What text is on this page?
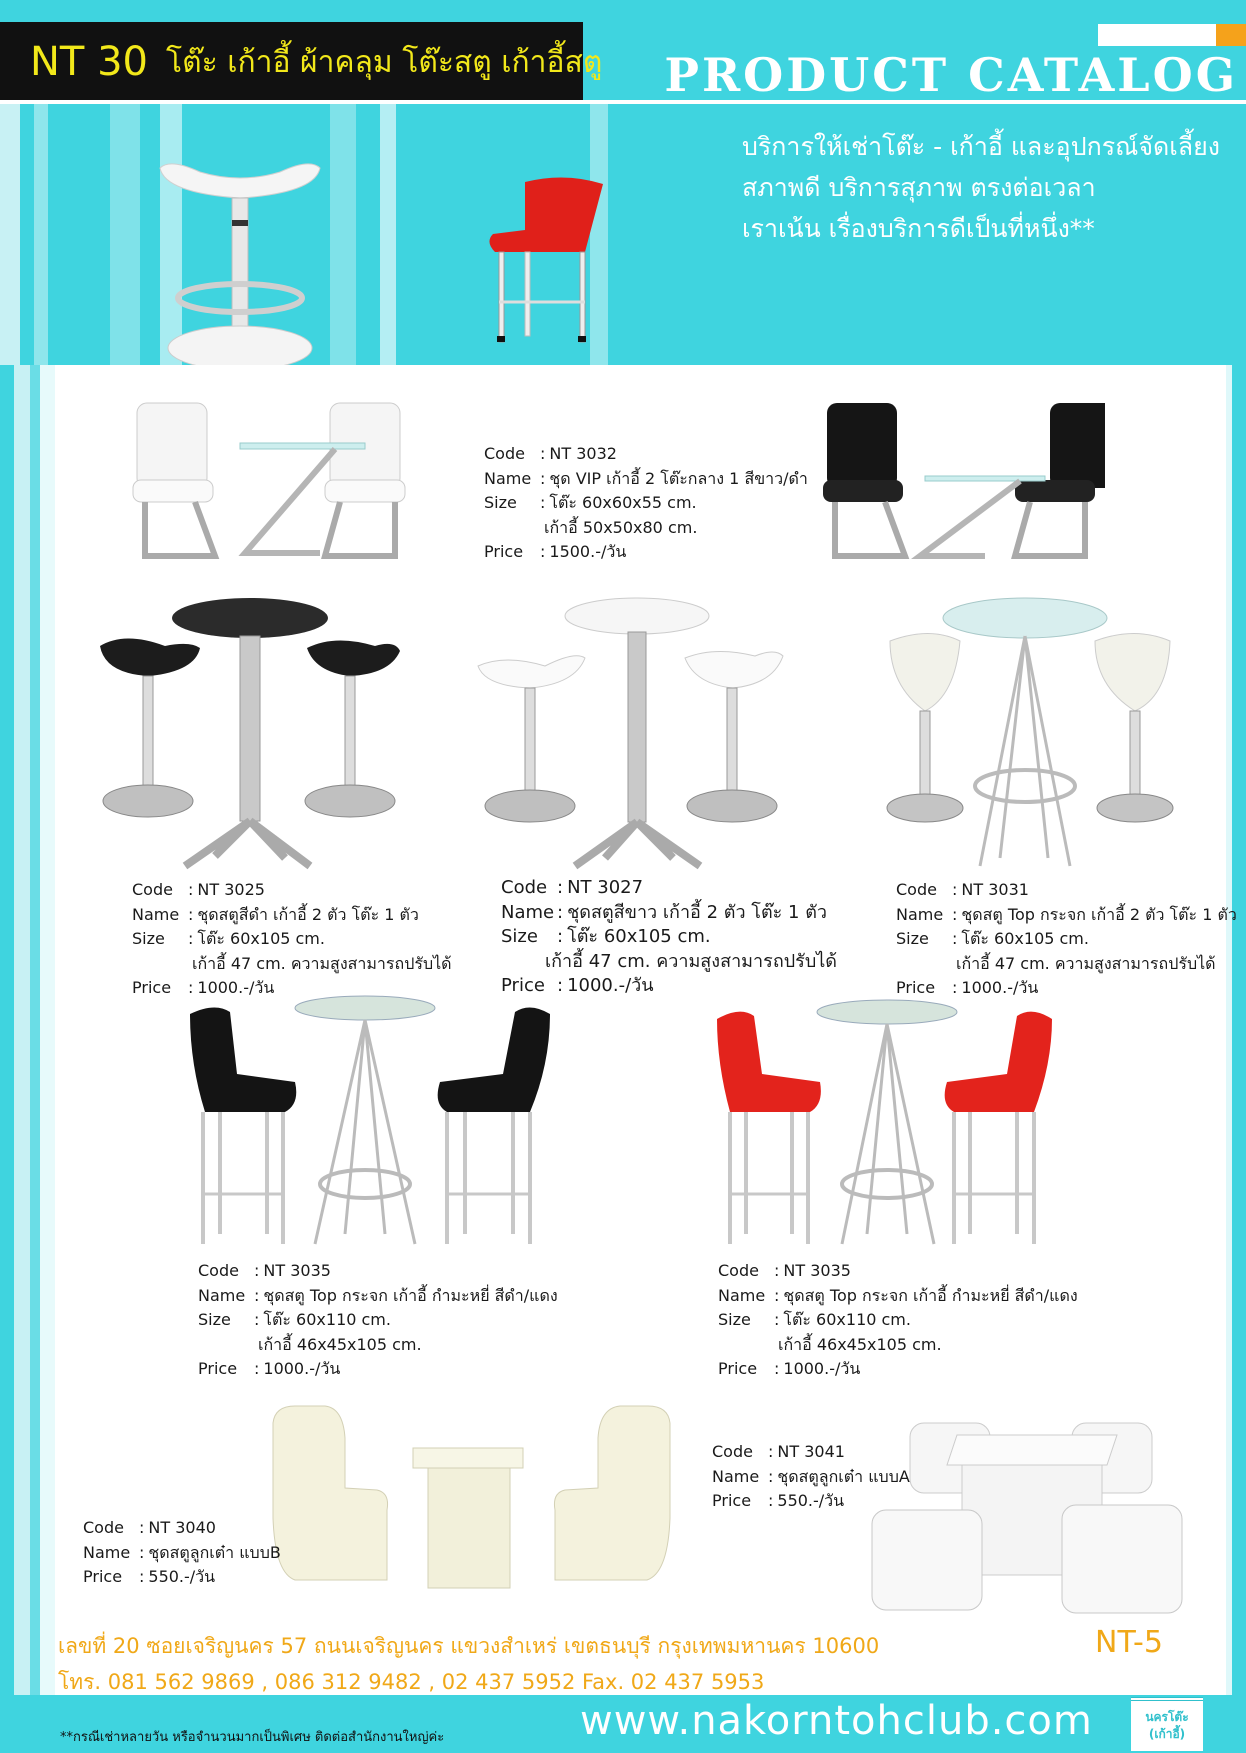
NT 30 โต๊ะ เก้าอี้ ผ้าคลุม โต๊ะสตู เก้าอี้สตู PRODUCT CATALOG
บริการให้เช่าโต๊ะ - เก้าอี้ และอุปกรณ์จัดเลี้ยง
สภาพดี บริการสุภาพ ตรงต่อเวลา
เราเน้น เรื่องบริการดีเป็นที่หนึ่ง**
Code : NT 3032
Name : ชุด VIP เก้าอี้ 2 โต๊ะกลาง 1 สีขาว/ดำ
Size	: โต๊ะ 60x60x55 cm.
เก้าอี้ 50x50x80 cm.
Price	: 1500.-/วัน
Code : NT 3025
Name : ชุดสตูสีดำ เก้าอี้ 2 ตัว โต๊ะ 1 ตัว
Size	: โต๊ะ 60x105 cm.
เก้าอี้ 47 cm. ความสูงสามารถปรับได้
Price	: 1000.-/วัน
Code : NT 3027
Name : ชุดสตูสีขาว เก้าอี้ 2 ตัว โต๊ะ 1 ตัว
Size	: โต๊ะ 60x105 cm.
เก้าอี้ 47 cm. ความสูงสามารถปรับได้
Price : 1000.-/วัน
Code : NT 3031
Name : ชุดสตู Top กระจก เก้าอี้ 2 ตัว โต๊ะ 1 ตัว
Size	: โต๊ะ 60x105 cm.
เก้าอี้ 47 cm. ความสูงสามารถปรับได้
Price	: 1000.-/วัน
Code : NT 3035
Name : ชุดสตู Top กระจก เก้าอี้ กำมะหยี่ สีดำ/แดง
Size	: โต๊ะ 60x110 cm.
เก้าอี้ 46x45x105 cm.
Price	: 1000.-/วัน
Code : NT 3035
Name : ชุดสตู Top กระจก เก้าอี้ กำมะหยี่ สีดำ/แดง
Size	: โต๊ะ 60x110 cm.
เก้าอี้ 46x45x105 cm.
Price	: 1000.-/วัน
Code : NT 3040
Name : ชุดสตูลูกเต๋า แบบB
Price	: 550.-/วัน
Code : NT 3041
Name : ชุดสตูลูกเต๋า แบบA
Price	: 550.-/วัน
เลขที่ 20 ซอยเจริญนคร 57 ถนนเจริญนคร แขวงสำเหร่ เขตธนบุรี กรุงเทพมหานคร 10600
โทร. 081 562 9869 , 086 312 9482 , 02 437 5952 Fax. 02 437 5953
NT-5
**กรณีเช่าหลายวัน หรือจำนวนมากเป็นพิเศษ ติดต่อสำนักงานใหญ่ค่ะ	www.nakorntohclub.com	นครโต๊ะ
(เก้าอี้)
